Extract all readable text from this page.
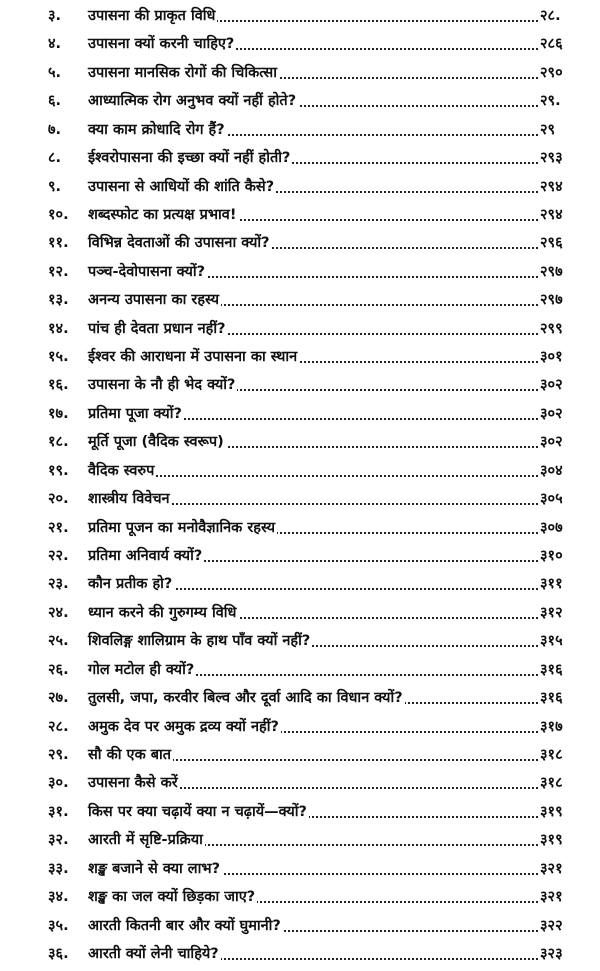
३.	उपासना की प्राकृत विधि	२८.
४.	उपासना क्यों करनी चाहिए?	२८६
५.	उपासना मानसिक रोगों की चिकित्सा	२९०
६.	आध्यात्मिक रोग अनुभव क्यों नहीं होते?	२९.
७.	क्या काम क्रोधादि रोग हैं?	२९
८.	ईश्वरोपासना की इच्छा क्यों नहीं होती?	२९३
९.	उपासना से आधियों की शांति कैसे?	२९४
१०.	शब्दस्फोट का प्रत्यक्ष प्रभाव!	२९४
११.	विभिन्न देवताओं की उपासना क्यों?	२९६
१२.	पञ्च-देवोपासना क्यों?	२९७
१३.	अनन्य उपासना का रहस्य	२९७
१४.	पांच ही देवता प्रधान नहीं?	२९९
१५.	ईश्वर की आराधना में उपासना का स्थान	३०१
१६.	उपासना के नौ ही भेद क्यों?	३०२
१७.	प्रतिमा पूजा क्यों?	३०२
१८.	मूर्ति पूजा (वैदिक स्वरूप)	३०२
१९.	वैदिक स्वरुप	३०४
२०.	शास्त्रीय विवेचन	३०५
२१.	प्रतिमा पूजन का मनोवैज्ञानिक रहस्य	३०७
२२.	प्रतिमा अनिवार्य क्यों?	३१०
२३.	कौन प्रतीक हो?	३११
२४.	ध्यान करने की गुरुगम्य विधि	३१२
२५.	शिवलिङ्ग शालिग्राम के हाथ पाँव क्यों नहीं?	३१५
२६.	गोल मटोल ही क्यों?	३१६
२७.	तुलसी, जपा, करवीर बिल्व और दूर्वा आदि का विधान क्यों?	३१६
२८.	अमुक देव पर अमुक द्रव्य क्यों नहीं?	३१७
२९.	सौ की एक बात	३१८
३०.	उपासना कैसे करें	३१८
३१.	किस पर क्या चढ़ायें क्या न चढ़ायें—क्यों?	३१९
३२.	आरती में सृष्टि-प्रक्रिया	३१९
३३.	शङ्ख बजाने से क्या लाभ?	३२१
३४.	शङ्ख का जल क्यों छिड़का जाए?	३२१
३५.	आरती कितनी बार और क्यों घुमानी?	३२२
३६.	आरती क्यों लेनी चाहिये?	३२३
